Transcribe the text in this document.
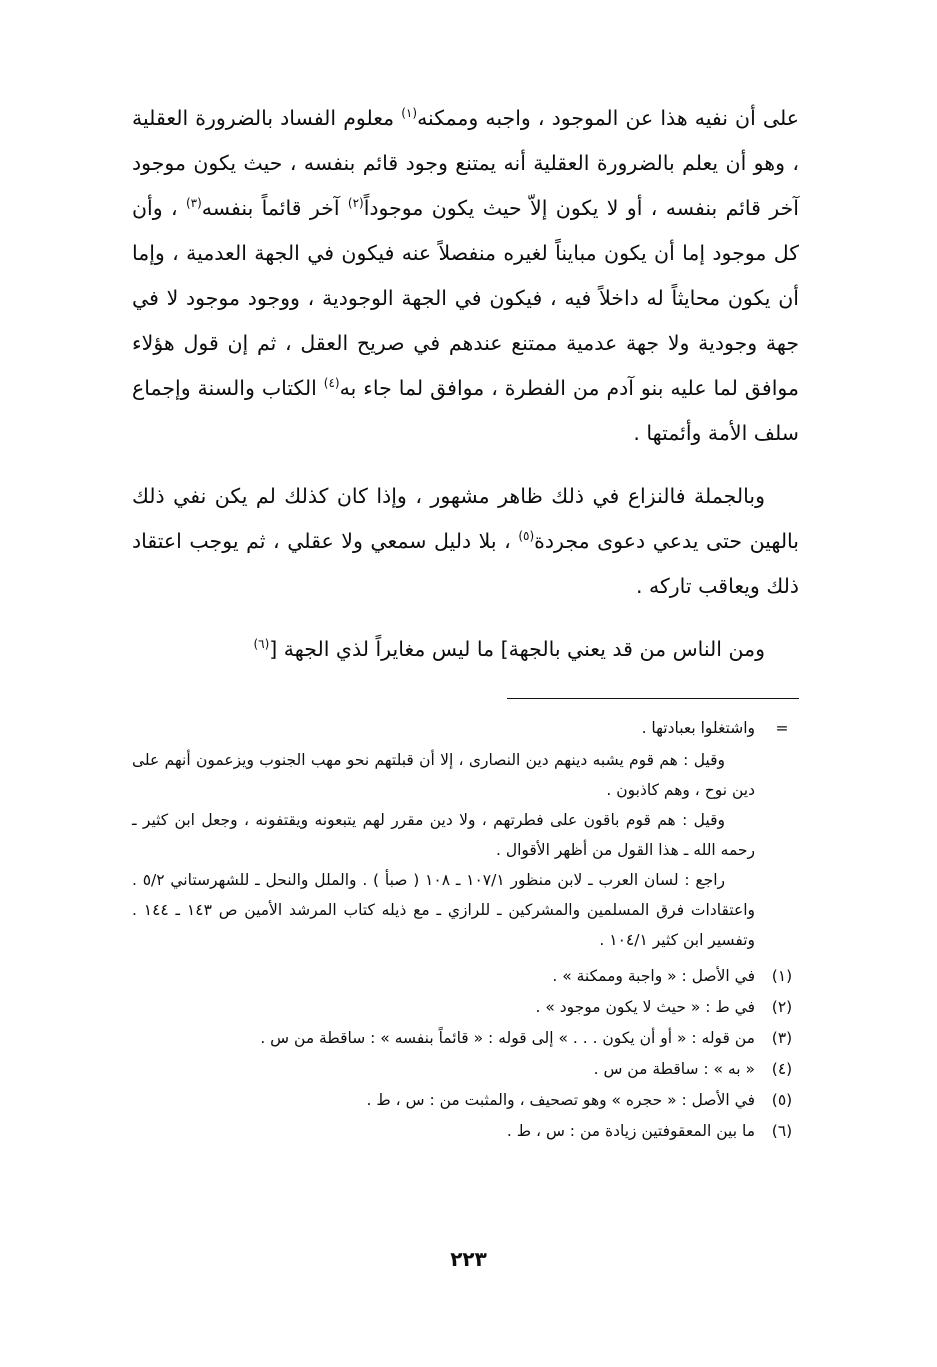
على أن نفيه هذا عن الموجود ، واجبه وممكنه$^{(١)}$ معلوم الفساد بالضرورة العقلية ، وهو أن يعلم بالضرورة العقلية أنه يمتنع وجود قائم بنفسه ، حيث يكون موجود آخر قائم بنفسه ، أو لا يكون إلاّ حيث يكون موجوداً$^{(٢)}$ آخر قائماً بنفسه$^{(٣)}$ ، وأن كل موجود إما أن يكون مبايناً لغيره منفصلاً عنه فيكون في الجهة العدمية ، وإما أن يكون محايثاً له داخلاً فيه ، فيكون في الجهة الوجودية ، ووجود موجود لا في جهة وجودية ولا جهة عدمية ممتنع عندهم في صريح العقل ، ثم إن قول هؤلاء موافق لما عليه بنو آدم من الفطرة ، موافق لما جاء به$^{(٤)}$ الكتاب والسنة وإجماع سلف الأمة وأئمتها .

وبالجملة فالنزاع في ذلك ظاهر مشهور ، وإذا كان كذلك لم يكن نفي ذلك بالهين حتى يدعي دعوى مجردة$^{(٥)}$ ، بلا دليل سمعي ولا عقلي ، ثم يوجب اعتقاد ذلك ويعاقب تاركه .

ومن الناس من قد يعني بالجهة] ما ليس مغايراً لذي الجهة [$^{(٦)}$

=
واشتغلوا بعبادتها .
وقيل : هم قوم يشبه دينهم دين النصارى ، إلا أن قبلتهم نحو مهب الجنوب ويزعمون أنهم على دين نوح ، وهم كاذبون .
وقيل : هم قوم باقون على فطرتهم ، ولا دين مقرر لهم يتبعونه ويقتفونه ، وجعل ابن كثير ـ رحمه الله ـ هذا القول من أظهر الأقوال .
راجع : لسان العرب ـ لابن منظور ١٠٧/١ ـ ١٠٨ ( صبأ ) . والملل والنحل ـ للشهرستاني ٥/٢ . واعتقادات فرق المسلمين والمشركين ـ للرازي ـ مع ذيله كتاب المرشد الأمين ص ١٤٣ ـ ١٤٤ . وتفسير ابن كثير ١٠٤/١ .
(١)
في الأصل : « واجبة وممكنة » .
(٢)
في ط : « حيث لا يكون موجود » .
(٣)
من قوله : « أو أن يكون . . . » إلى قوله : « قائماً بنفسه » : ساقطة من س .
(٤)
« به » : ساقطة من س .
(٥)
في الأصل : « حجره » وهو تصحيف ، والمثبت من : س ، ط .
(٦)
ما بين المعقوفتين زيادة من : س ، ط .
٢٢٣
